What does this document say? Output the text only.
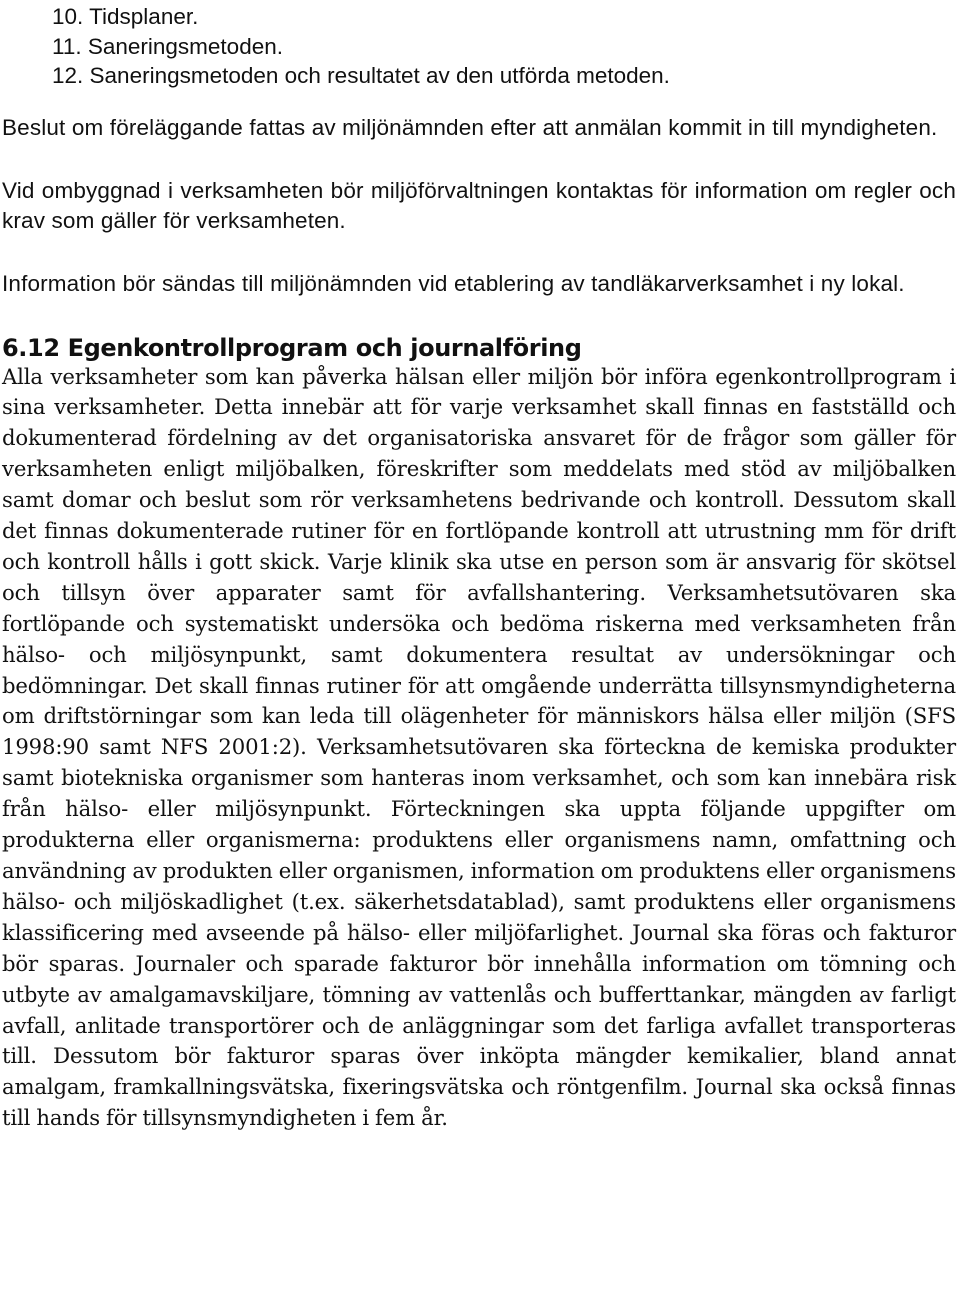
10. Tidsplaner.
11. Saneringsmetoden.
12. Saneringsmetoden och resultatet av den utförda metoden.

Beslut om föreläggande fattas av miljönämnden efter att anmälan kommit in till myndigheten.

Vid ombyggnad i verksamheten bör miljöförvaltningen kontaktas för information om regler och krav som gäller för verksamheten.

Information bör sändas till miljönämnden vid etablering av tandläkarverksamhet i ny lokal.

6.12 Egenkontrollprogram och journalföring

Alla verksamheter som kan påverka hälsan eller miljön bör införa egenkontrollprogram i sina verksamheter. Detta innebär att för varje verksamhet skall finnas en fastställd och dokumenterad fördelning av det organisatoriska ansvaret för de frågor som gäller för verksamheten enligt miljöbalken, föreskrifter som meddelats med stöd av miljöbalken samt domar och beslut som rör verksamhetens bedrivande och kontroll. Dessutom skall det finnas dokumenterade rutiner för en fortlöpande kontroll att utrustning mm för drift och kontroll hålls i gott skick. Varje klinik ska utse en person som är ansvarig för skötsel och tillsyn över apparater samt för avfallshantering. Verksamhetsutövaren ska fortlöpande och systematiskt undersöka och bedöma riskerna med verksamheten från hälso- och miljösynpunkt, samt dokumentera resultat av undersökningar och bedömningar. Det skall finnas rutiner för att omgående underrätta tillsynsmyndigheterna om driftstörningar som kan leda till olägenheter för människors hälsa eller miljön (SFS 1998:90 samt NFS 2001:2). Verksamhetsutövaren ska förteckna de kemiska produkter samt biotekniska organismer som hanteras inom verksamhet, och som kan innebära risk från hälso- eller miljösynpunkt. Förteckningen ska uppta följande uppgifter om produkterna eller organismerna: produktens eller organismens namn, omfattning och användning av produkten eller organismen, information om produktens eller organismens hälso- och miljöskadlighet (t.ex. säkerhetsdatablad), samt produktens eller organismens klassificering med avseende på hälso- eller miljöfarlighet. Journal ska föras och fakturor bör sparas. Journaler och sparade fakturor bör innehålla information om tömning och utbyte av amalgamavskiljare, tömning av vattenlås och bufferttankar, mängden av farligt avfall, anlitade transportörer och de anläggningar som det farliga avfallet transporteras till. Dessutom bör fakturor sparas över inköpta mängder kemikalier, bland annat amalgam, framkallningsvätska, fixeringsvätska och röntgenfilm. Journal ska också finnas till hands för tillsynsmyndigheten i fem år.
